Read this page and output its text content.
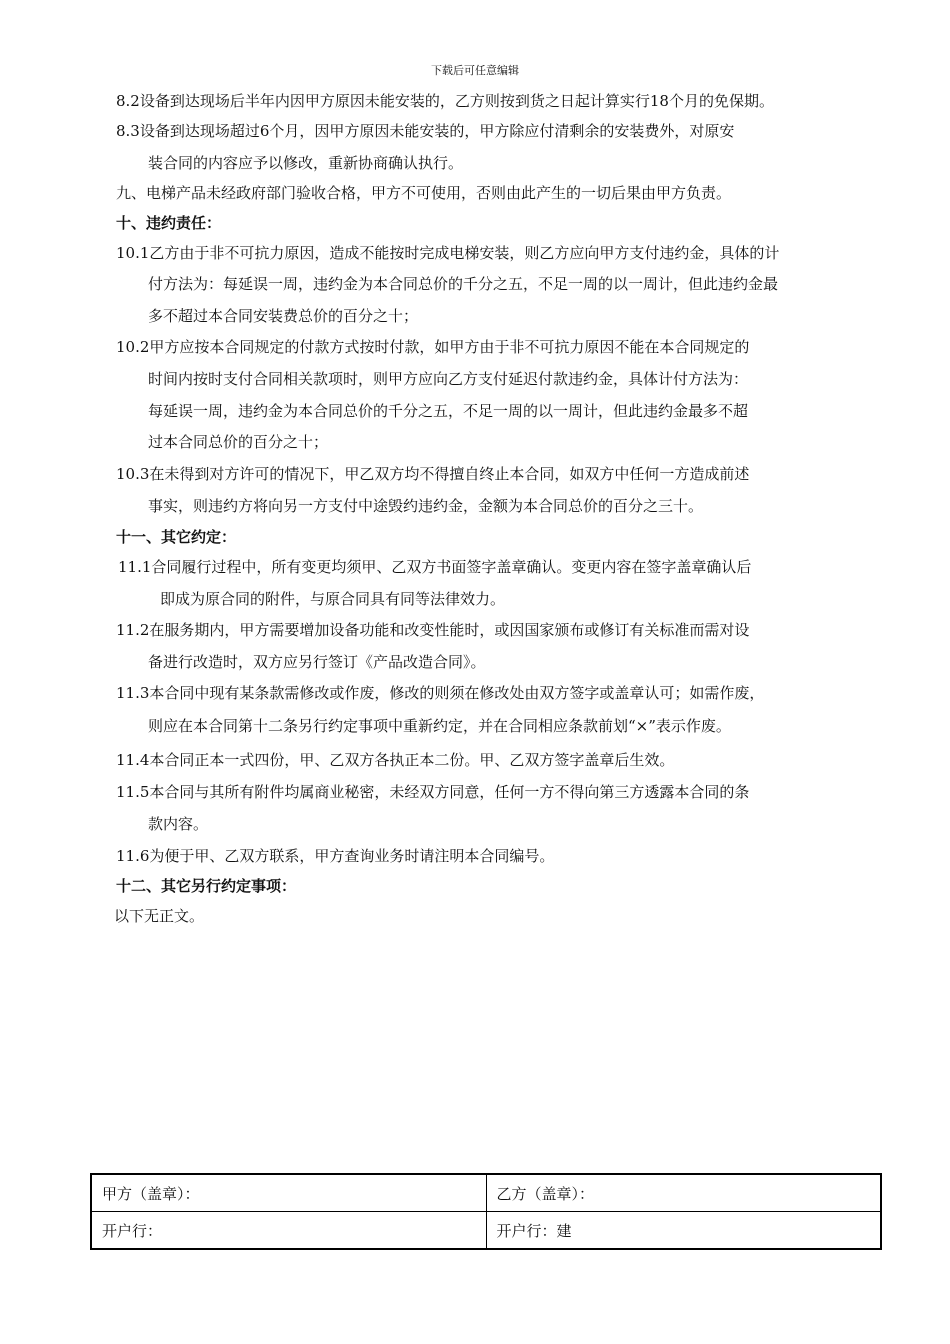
下载后可任意编辑
8.2设备到达现场后半年内因甲方原因未能安装的，乙方则按到货之日起计算实行18个月的免保期。
8.3设备到达现场超过6个月，因甲方原因未能安装的，甲方除应付清剩余的安装费外，对原安
装合同的内容应予以修改，重新协商确认执行。
九、电梯产品未经政府部门验收合格，甲方不可使用，否则由此产生的一切后果由甲方负责。
十、违约责任：
10.1乙方由于非不可抗力原因，造成不能按时完成电梯安装，则乙方应向甲方支付违约金，具体的计
付方法为：每延误一周，违约金为本合同总价的千分之五，不足一周的以一周计，但此违约金最
多不超过本合同安装费总价的百分之十；
10.2甲方应按本合同规定的付款方式按时付款，如甲方由于非不可抗力原因不能在本合同规定的
时间内按时支付合同相关款项时，则甲方应向乙方支付延迟付款违约金，具体计付方法为：
每延误一周，违约金为本合同总价的千分之五，不足一周的以一周计，但此违约金最多不超
过本合同总价的百分之十；
10.3在未得到对方许可的情况下，甲乙双方均不得擅自终止本合同，如双方中任何一方造成前述
事实，则违约方将向另一方支付中途毁约违约金，金额为本合同总价的百分之三十。
十一、其它约定：
11.1合同履行过程中，所有变更均须甲、乙双方书面签字盖章确认。变更内容在签字盖章确认后
即成为原合同的附件，与原合同具有同等法律效力。
11.2在服务期内，甲方需要增加设备功能和改变性能时，或因国家颁布或修订有关标准而需对设
备进行改造时，双方应另行签订《产品改造合同》。
11.3本合同中现有某条款需修改或作废，修改的则须在修改处由双方签字或盖章认可；如需作废，
则应在本合同第十二条另行约定事项中重新约定，并在合同相应条款前划“×”表示作废。
11.4本合同正本一式四份，甲、乙双方各执正本二份。甲、乙双方签字盖章后生效。
11.5本合同与其所有附件均属商业秘密，未经双方同意，任何一方不得向第三方透露本合同的条
款内容。
11.6为便于甲、乙双方联系，甲方查询业务时请注明本合同编号。
十二、其它另行约定事项：
以下无正文。
甲方（盖章）：	乙方（盖章）：
开户行：	开户行：建
